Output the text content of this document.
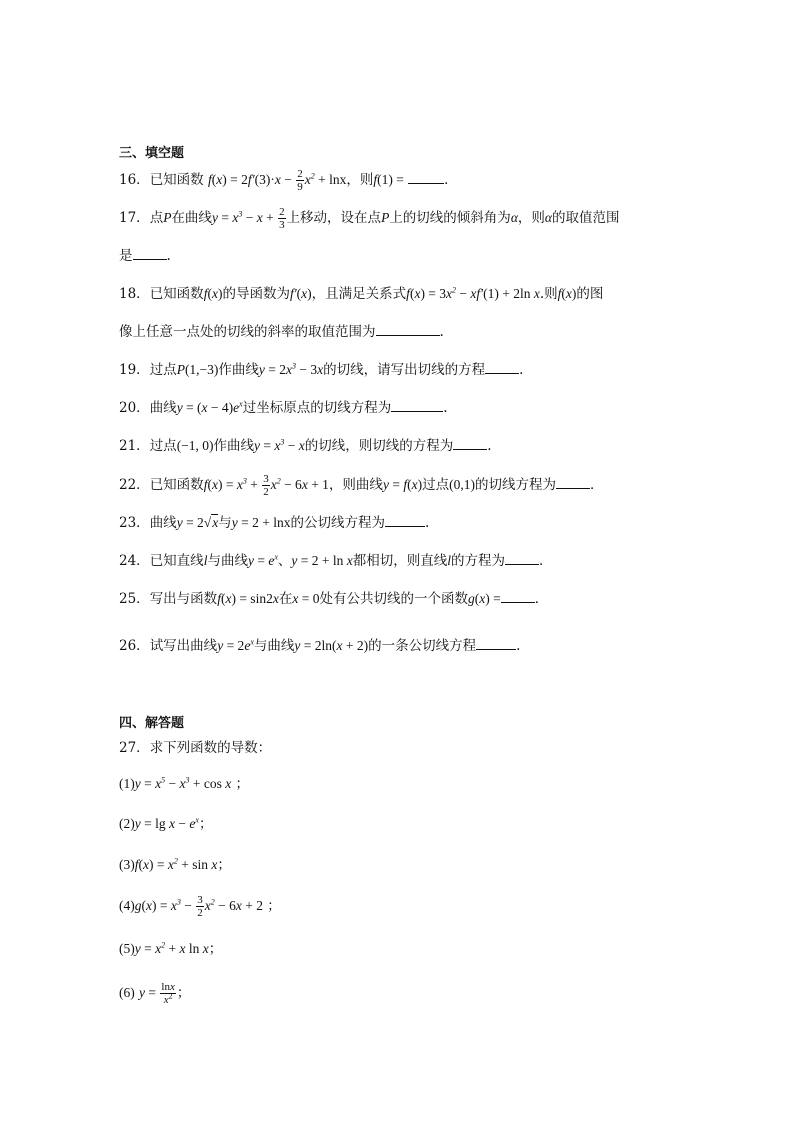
三、填空题
16．已知函数 $f(x) = 2f'(3)\cdot x - \frac{2}{9} x^2 + \ln x$，则f(1) =	．
17．点P在曲线$y = x^3 - x + \frac{2}{3}$ 上移动，设在点P上的切线的倾斜角为α，则α的取值范围
是	.
18．已知函数f(x)的导函数为f′(x)，且满足关系式$f(x) = 3x^2 - xf'(1) + 2\ln$ x.则f(x)的图
像上任意一点处的切线的斜率的取值范围为	.
19．过点P(1,−3)作曲线$y = 2x^3 - 3x$的切线，请写出切线的方程	.
20．曲线$y = (x - 4)e^x$过坐标原点的切线方程为	.
21．过点(−1, 0)作曲线$y = x^3 - x$的切线，则切线的方程为	.
22．已知函数$f(x) = x^3 + \frac{3}{2} x^2 - 6x + 1$，则曲线y = f(x)过点(0,1)的切线方程为	．
23．曲线y = 2√x与y = 2 + lnx的公切线方程为	.
24．已知直线l与曲线$y = e^x$、y = 2 + ln x都相切，则直线l的方程为	．
25．写出与函数f(x) = sin2x在x = 0处有公共切线的一个函数g(x) =	．
26．试写出曲线$y = 2e^x$与曲线y = 2ln(x + 2)的一条公切线方程	.
四、解答题
27．求下列函数的导数：
$(1)y = x^5 - x^3 + \cos x$ ；
$(2)y = \lg x - e^x$；
$(3)f(x) = x^2 + \sin x$；
$(4)g(x) = x^3 - \frac{3}{2} x^2 - 6x + 2$ ；
$(5)y = x^2 + x$ ln x；
(6) $y = \frac{\ln x}{x^2}$ ；
